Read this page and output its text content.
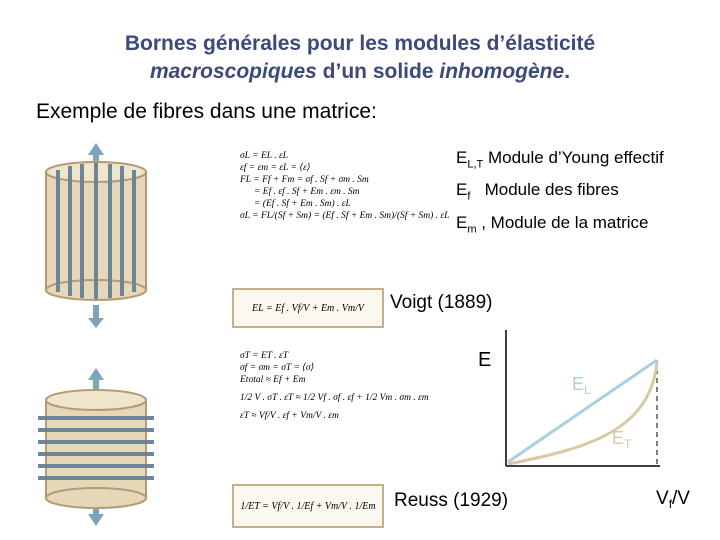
Bornes générales pour les modules d’élasticité
macroscopiques d’un solide inhomogène.
Exemple de fibres dans une matrice:
$E_{L,T}$ Module d’Young effectif
$E_f$   Module des fibres
$E_m$ , Module de la matrice
E
$E_L$
$E_T$
$V_f/V$
σL = EL . εL
εf = εm = εL = ⟨ε⟩
FL = Ff + Fm = σf . Sf + σm . Sm
= Ef . εf . Sf + Em . εm . Sm
= (Ef . Sf + Em . Sm) . εL
σL = FL/(Sf + Sm) = (Ef . Sf + Em . Sm)/(Sf + Sm) . εL
EL = Ef . Vf/V + Em . Vm/V
σT = ET . εT
σf = σm = σT = ⟨σ⟩
Etotal ≈ Ef + Em
1/2 V . σT . εT ≈ 1/2 Vf . σf . εf + 1/2 Vm . σm . εm
εT ≈ Vf/V . εf + Vm/V . εm
1/ET = Vf/V . 1/Ef + Vm/V . 1/Em
Voigt (1889)
Reuss (1929)
